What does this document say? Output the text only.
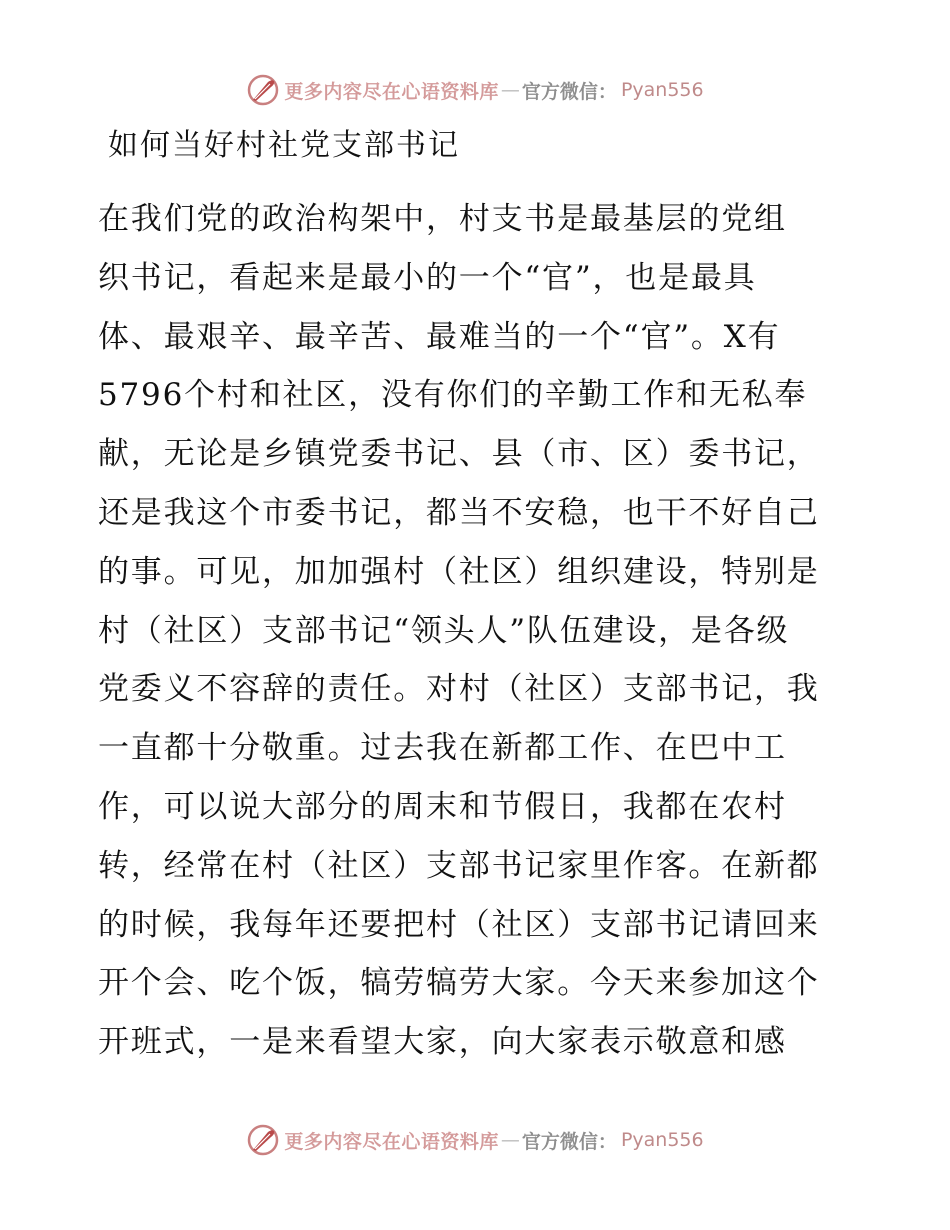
更多内容尽在心语资料库 — 官方微信： Pyan556
如何当好村社党支部书记
在我们党的政治构架中，村支书是最基层的党组
织书记，看起来是最小的一个“官”，也是最具
体、最艰辛、最辛苦、最难当的一个“官”。X有
5796个村和社区，没有你们的辛勤工作和无私奉
献，无论是乡镇党委书记、县（市、区）委书记，
还是我这个市委书记，都当不安稳，也干不好自己
的事。可见，加加强村（社区）组织建设，特别是
村（社区）支部书记“领头人”队伍建设，是各级
党委义不容辞的责任。对村（社区）支部书记，我
一直都十分敬重。过去我在新都工作、在巴中工
作，可以说大部分的周末和节假日，我都在农村
转，经常在村（社区）支部书记家里作客。在新都
的时候，我每年还要把村（社区）支部书记请回来
开个会、吃个饭，犒劳犒劳大家。今天来参加这个
开班式，一是来看望大家，向大家表示敬意和感
更多内容尽在心语资料库 — 官方微信： Pyan556
